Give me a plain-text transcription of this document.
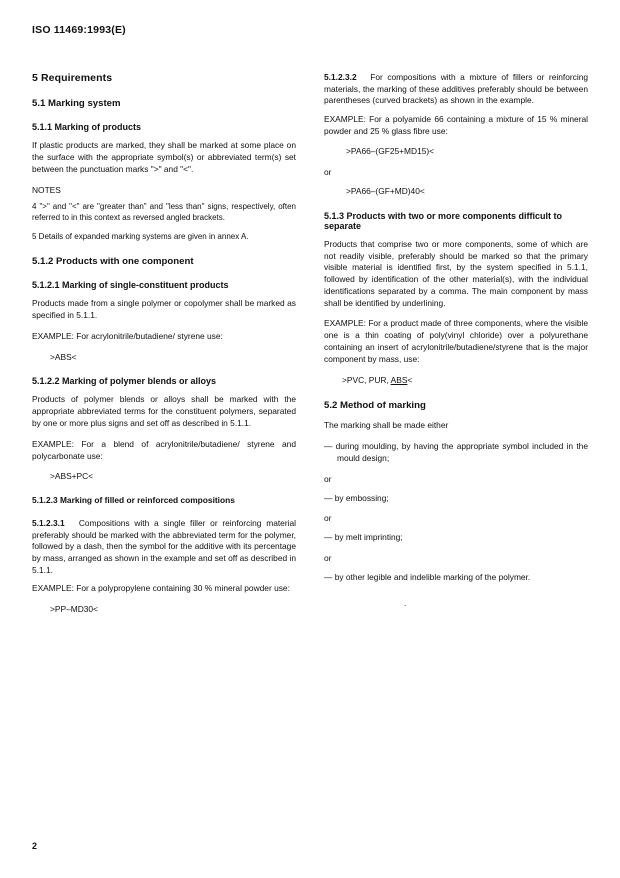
ISO 11469:1993(E)
5 Requirements
5.1 Marking system
5.1.1 Marking of products

If plastic products are marked, they shall be marked at some place on the surface with the appropriate symbol(s) or abbreviated term(s) set between the punctuation marks ">" and "<".

NOTES

4 ">" and "<" are "greater than" and "less than" signs, respectively, often referred to in this context as reversed angled brackets.

5 Details of expanded marking systems are given in annex A.

5.1.2 Products with one component
5.1.2.1 Marking of single-constituent products

Products made from a single polymer or copolymer shall be marked as specified in 5.1.1.

EXAMPLE: For acrylonitrile/butadiene/ styrene use:

>ABS<

5.1.2.2 Marking of polymer blends or alloys

Products of polymer blends or alloys shall be marked with the appropriate abbreviated terms for the constituent polymers, separated by one or more plus signs and set off as described in 5.1.1.

EXAMPLE: For a blend of acrylonitrile/butadiene/ styrene and polycarbonate use:

>ABS+PC<

5.1.2.3 Marking of filled or reinforced compositions

5.1.2.3.1 Compositions with a single filler or reinforcing material preferably should be marked with the abbreviated term for the polymer, followed by a dash, then the symbol for the additive with its percentage by mass, arranged as shown in the example and set off as described in 5.1.1.

EXAMPLE: For a polypropylene containing 30 % mineral powder use:

>PP–MD30<

5.1.2.3.2 For compositions with a mixture of fillers or reinforcing materials, the marking of these additives preferably should be between parentheses (curved brackets) as shown in the example.

EXAMPLE: For a polyamide 66 containing a mixture of 15 % mineral powder and 25 % glass fibre use:

>PA66–(GF25+MD15)<

or

>PA66–(GF+MD)40<

5.1.3 Products with two or more components difficult to separate

Products that comprise two or more components, some of which are not readily visible, preferably should be marked so that the primary visible material is identified first, by the system specified in 5.1.1, followed by identification of the other material(s), with the individual identifications separated by a comma. The main component by mass shall be identified by underlining.

EXAMPLE: For a product made of three components, where the visible one is a thin coating of poly(vinyl chloride) over a polyurethane containing an insert of acrylonitrile/butadiene/styrene that is the major component by mass, use:

>PVC, PUR, ABS<

5.2 Method of marking

The marking shall be made either

— during moulding, by having the appropriate symbol included in the mould design;

or

— by embossing;

or

— by melt imprinting;

or

— by other legible and indelible marking of the polymer.

.

2
